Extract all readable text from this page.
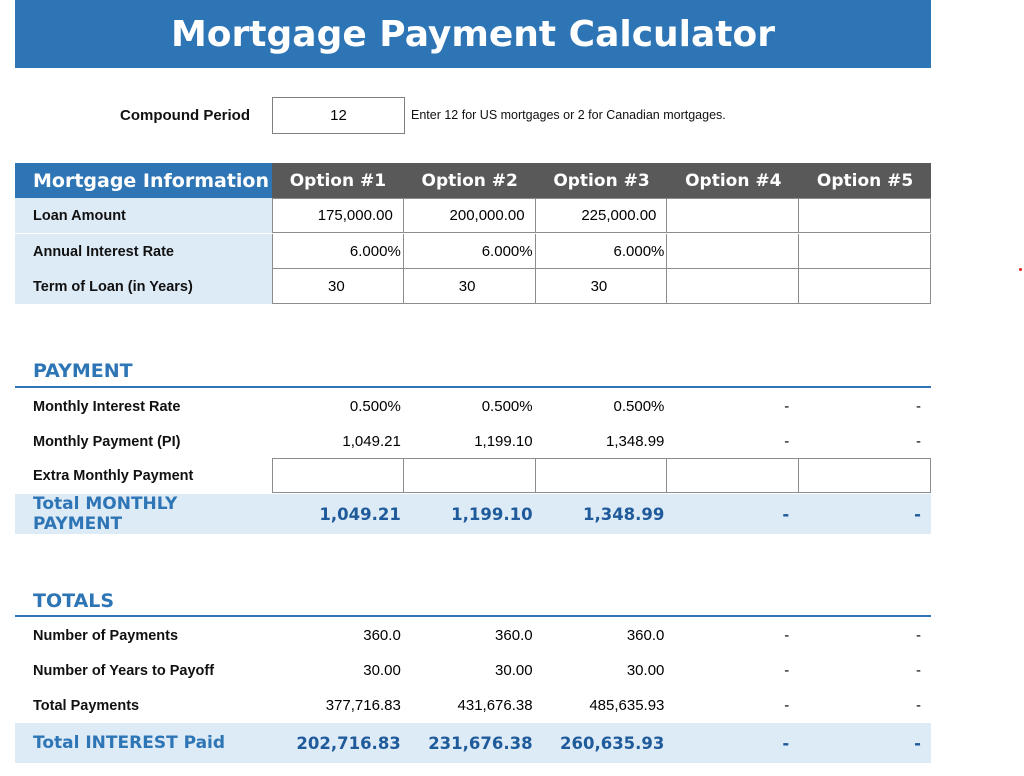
Mortgage Payment Calculator
Compound Period
12	Enter 12 for US mortgages or 2 for Canadian mortgages.
Mortgage Information	Option #1	Option #2	Option #3	Option #4	Option #5
Loan Amount	175,000.00	200,000.00	225,000.00
Annual Interest Rate	6.000%	6.000%	6.000%
Term of Loan (in Years)	30	30	30
PAYMENT
Monthly Interest Rate	0.500%	0.500%	0.500%	-	-
Monthly Payment (PI)	1,049.21	1,199.10	1,348.99	-	-
Extra Monthly Payment
Total MONTHLY PAYMENT	1,049.21	1,199.10	1,348.99	-	-
TOTALS
Number of Payments	360.0	360.0	360.0	-	-
Number of Years to Payoff	30.00	30.00	30.00	-	-
Total Payments	377,716.83	431,676.38	485,635.93	-	-
Total INTEREST Paid	202,716.83	231,676.38	260,635.93	-	-
